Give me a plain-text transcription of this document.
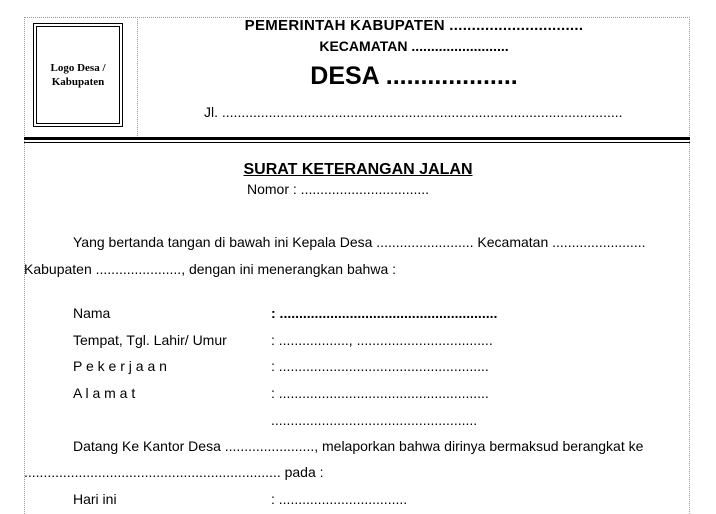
Logo Desa / Kabupaten
PEMERINTAH KABUPATEN ..............................
KECAMATAN .........................
DESA ...................
Jl. .......................................................................................................
SURAT KETERANGAN JALAN
Nomor : .................................
Yang bertanda tangan di bawah ini Kepala Desa ......................... Kecamatan ........................
Kabupaten ......................, dengan ini menerangkan bahwa :
Nama	: ........................................................
Tempat, Tgl. Lahir/ Umur	: .................., ...................................
P e k e r j a a n	: ......................................................
A l a m a t	: ......................................................
.....................................................
Datang Ke Kantor Desa ......................., melaporkan bahwa dirinya bermaksud berangkat ke
.................................................................. pada :
Hari ini	: .................................
